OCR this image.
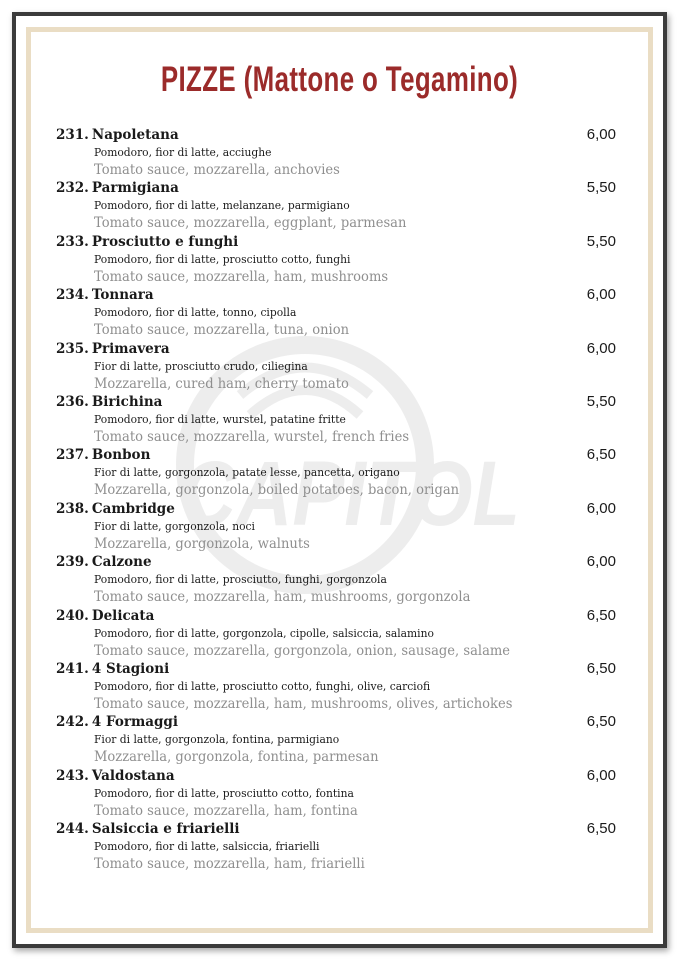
CAPITOL
PIZZE (Mattone o Tegamino)
231. Napoletana	6,00
Pomodoro, fior di latte, acciughe
Tomato sauce, mozzarella, anchovies
232. Parmigiana	5,50
Pomodoro, fior di latte, melanzane, parmigiano
Tomato sauce, mozzarella, eggplant, parmesan
233. Prosciutto e funghi	5,50
Pomodoro, fior di latte, prosciutto cotto, funghi
Tomato sauce, mozzarella, ham, mushrooms
234. Tonnara	6,00
Pomodoro, fior di latte, tonno, cipolla
Tomato sauce, mozzarella, tuna, onion
235. Primavera	6,00
Fior di latte, prosciutto crudo, ciliegina
Mozzarella, cured ham, cherry tomato
236. Birichina	5,50
Pomodoro, fior di latte, wurstel, patatine fritte
Tomato sauce, mozzarella, wurstel, french fries
237. Bonbon	6,50
Fior di latte, gorgonzola, patate lesse, pancetta, origano
Mozzarella, gorgonzola, boiled potatoes, bacon, origan
238. Cambridge	6,00
Fior di latte, gorgonzola, noci
Mozzarella, gorgonzola, walnuts
239. Calzone	6,00
Pomodoro, fior di latte, prosciutto, funghi, gorgonzola
Tomato sauce, mozzarella, ham, mushrooms, gorgonzola
240. Delicata	6,50
Pomodoro, fior di latte, gorgonzola, cipolle, salsiccia, salamino
Tomato sauce, mozzarella, gorgonzola, onion, sausage, salame
241. 4 Stagioni	6,50
Pomodoro, fior di latte, prosciutto cotto, funghi, olive, carciofi
Tomato sauce, mozzarella, ham, mushrooms, olives, artichokes
242. 4 Formaggi	6,50
Fior di latte, gorgonzola, fontina, parmigiano
Mozzarella, gorgonzola, fontina, parmesan
243. Valdostana	6,00
Pomodoro, fior di latte, prosciutto cotto, fontina
Tomato sauce, mozzarella, ham, fontina
244. Salsiccia e friarielli	6,50
Pomodoro, fior di latte, salsiccia, friarielli
Tomato sauce, mozzarella, ham, friarielli
